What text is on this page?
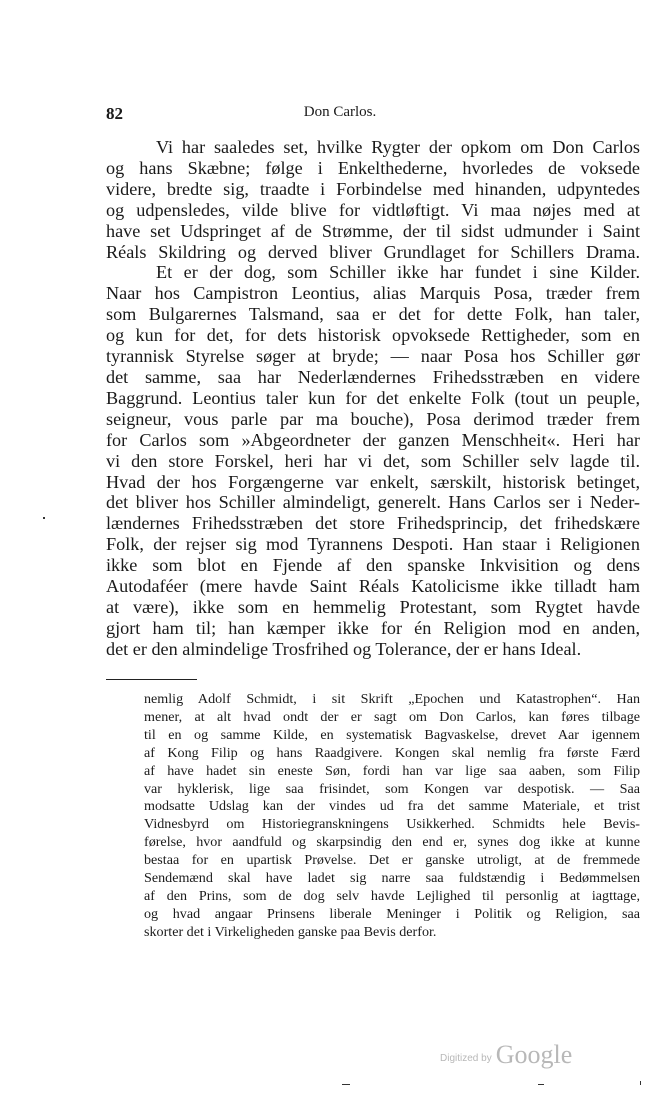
82	Don Carlos.
Vi har saaledes set, hvilke Rygter der opkom om Don Carlos
og hans Skæbne; følge i Enkelthederne, hvorledes de voksede
videre, bredte sig, traadte i Forbindelse med hinanden, udpyntedes
og udpensledes, vilde blive for vidtløftigt. Vi maa nøjes med at
have set Udspringet af de Strømme, der til sidst udmunder i Saint
Réals Skildring og derved bliver Grundlaget for Schillers Drama.
Et er der dog, som Schiller ikke har fundet i sine Kilder.
Naar hos Campistron Leontius, alias Marquis Posa, træder frem
som Bulgarernes Talsmand, saa er det for dette Folk, han taler,
og kun for det, for dets historisk opvoksede Rettigheder, som en
tyrannisk Styrelse søger at bryde; — naar Posa hos Schiller gør
det samme, saa har Nederlændernes Frihedsstræben en videre
Baggrund. Leontius taler kun for det enkelte Folk (tout un peuple,
seigneur, vous parle par ma bouche), Posa derimod træder frem
for Carlos som »Abgeordneter der ganzen Menschheit«. Heri har
vi den store Forskel, heri har vi det, som Schiller selv lagde til.
Hvad der hos Forgængerne var enkelt, særskilt, historisk betinget,
det bliver hos Schiller almindeligt, generelt. Hans Carlos ser i Neder-
lændernes Frihedsstræben det store Frihedsprincip, det frihedskære
Folk, der rejser sig mod Tyrannens Despoti. Han staar i Religionen
ikke som blot en Fjende af den spanske Inkvisition og dens
Autodaféer (mere havde Saint Réals Katolicisme ikke tilladt ham
at være), ikke som en hemmelig Protestant, som Rygtet havde
gjort ham til; han kæmper ikke for én Religion mod en anden,
det er den almindelige Trosfrihed og Tolerance, der er hans Ideal.
nemlig Adolf Schmidt, i sit Skrift „Epochen und Katastrophen“. Han
mener, at alt hvad ondt der er sagt om Don Carlos, kan føres tilbage
til en og samme Kilde, en systematisk Bagvaskelse, drevet Aar igennem
af Kong Filip og hans Raadgivere. Kongen skal nemlig fra første Færd
af have hadet sin eneste Søn, fordi han var lige saa aaben, som Filip
var hyklerisk, lige saa frisindet, som Kongen var despotisk. — Saa
modsatte Udslag kan der vindes ud fra det samme Materiale, et trist
Vidnesbyrd om Historiegranskningens Usikkerhed. Schmidts hele Bevis-
førelse, hvor aandfuld og skarpsindig den end er, synes dog ikke at kunne
bestaa for en upartisk Prøvelse. Det er ganske utroligt, at de fremmede
Sendemænd skal have ladet sig narre saa fuldstændig i Bedømmelsen
af den Prins, som de dog selv havde Lejlighed til personlig at iagttage,
og hvad angaar Prinsens liberale Meninger i Politik og Religion, saa
skorter det i Virkeligheden ganske paa Bevis derfor.
Digitized by Google
